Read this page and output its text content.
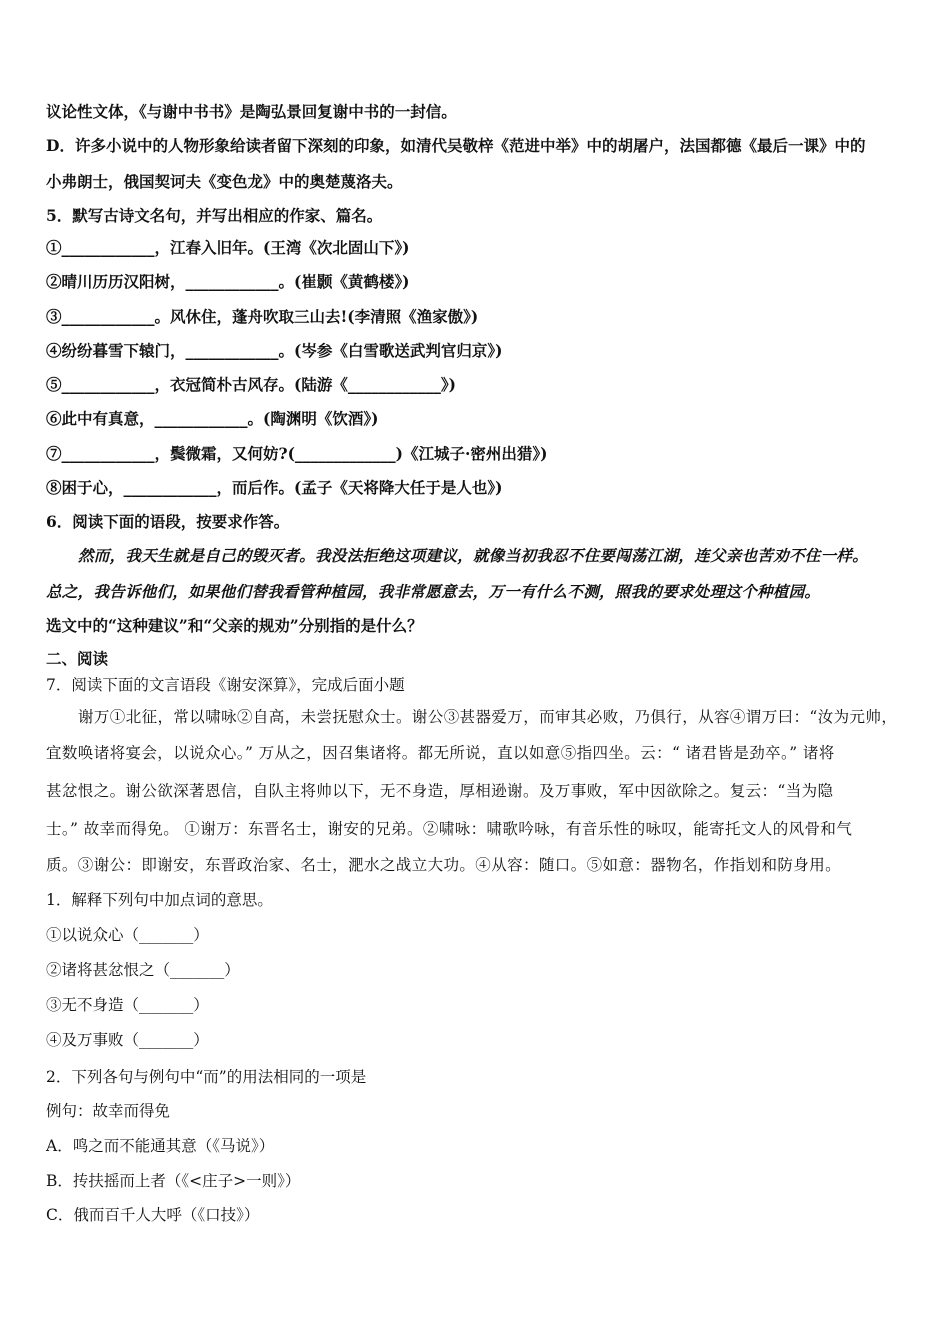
议论性文体，《与谢中书书》是陶弘景回复谢中书的一封信。
D．许多小说中的人物形象给读者留下深刻的印象，如清代吴敬梓《范进中举》中的胡屠户，法国都德《最后一课》中的
小弗朗士，俄国契诃夫《变色龙》中的奥楚蔑洛夫。
5．默写古诗文名句，并写出相应的作家、篇名。
①____________，江春入旧年。(王湾《次北固山下》)
②晴川历历汉阳树，____________。(崔颢《黄鹤楼》)
③____________。风休住，蓬舟吹取三山去!(李清照《渔家傲》)
④纷纷暮雪下辕门，____________。(岑参《白雪歌送武判官归京》)
⑤____________，衣冠简朴古风存。(陆游《____________》)
⑥此中有真意，____________。(陶渊明《饮酒》)
⑦____________，鬓微霜，又何妨?(_____________)《江城子·密州出猎》)
⑧困于心，____________，而后作。(孟子《天将降大任于是人也》)
6．阅读下面的语段，按要求作答。
然而，我天生就是自己的毁灭者。我没法拒绝这项建议，就像当初我忍不住要闯荡江湖，连父亲也苦劝不住一样。
总之，我告诉他们，如果他们替我看管种植园，我非常愿意去，万一有什么不测，照我的要求处理这个种植园。
选文中的“这种建议”和“父亲的规劝”分别指的是什么？
二、阅读
7．阅读下面的文言语段《谢安深算》，完成后面小题
谢万①北征，常以啸咏②自高，未尝抚慰众士。谢公③甚器爱万，而审其必败，乃俱行，从容④谓万曰：“汝为元帅，
宜数唤诸将宴会，以说众心。” 万从之，因召集诸将。都无所说，直以如意⑤指四坐。云：“ 诸君皆是劲卒。” 诸将
甚忿恨之。谢公欲深著恩信，自队主将帅以下，无不身造，厚相逊谢。及万事败，军中因欲除之。复云：“当为隐
士。” 故幸而得免。 ①谢万：东晋名士，谢安的兄弟。②啸咏：啸歌吟咏，有音乐性的咏叹，能寄托文人的风骨和气
质。③谢公：即谢安，东晋政治家、名士，淝水之战立大功。④从容：随口。⑤如意：器物名，作指划和防身用。
1．解释下列句中加点词的意思。
①以说众心（_______）
②诸将甚忿恨之（_______）
③无不身造（_______）
④及万事败（_______）
2．下列各句与例句中“而”的用法相同的一项是
例句：故幸而得免
A．鸣之而不能通其意（《马说》）
B．抟扶摇而上者（《<庄子>一则》）
C．俄而百千人大呼（《口技》）
